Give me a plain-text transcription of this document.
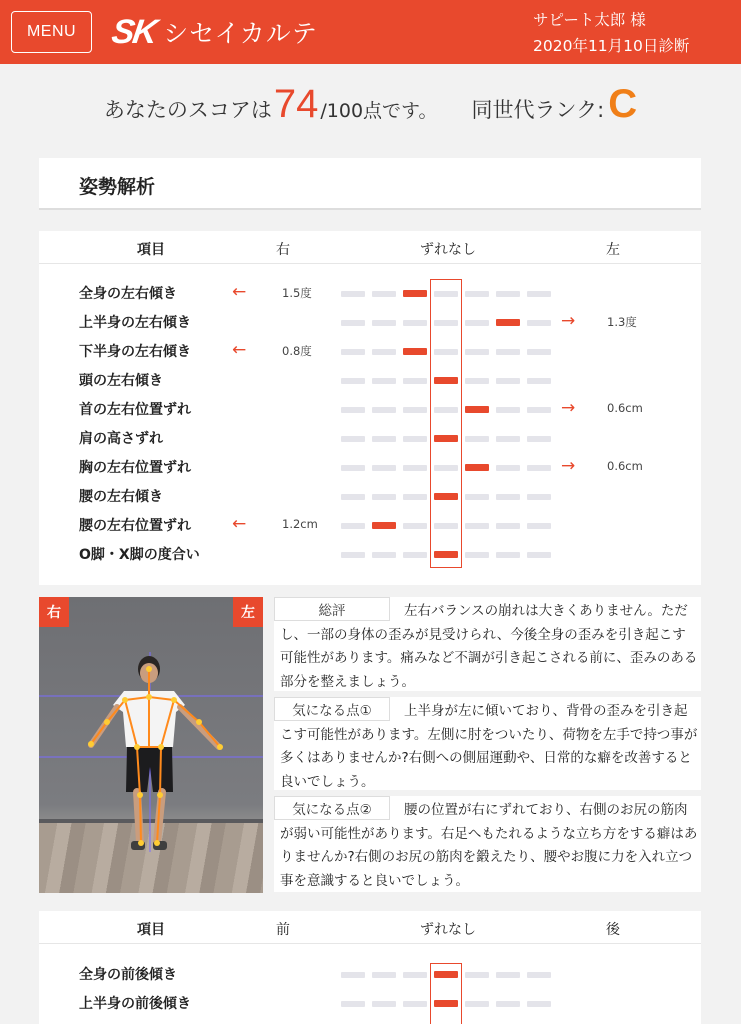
MENU SK シセイカルテ	サピート太郎 様
2020年11月10日診断
あなたのスコアは 74 /100点です。 同世代ランク: C
姿勢解析
項目	右	ずれなし	左
全身の左右傾き	←	1.5度
上半身の左右傾き	→	1.3度
下半身の左右傾き ←	0.8度
頭の左右傾き
首の左右位置ずれ	→	0.6cm
肩の高さずれ
胸の左右位置ずれ	→	0.6cm
腰の左右傾き
腰の左右位置ずれ ←	1.2cm
O脚・X脚の度合い
右	左	左右バランスの崩れは大きくありません。ただし、一部の身体の歪みが見受けられ、今後全身の歪みを引き起こす可能性があります。痛みなど不調が引き起こされる前に、歪みのある部分を整えましょう。
総評
上半身が左に傾いており、背骨の歪みを引き起こす可能性があります。左側に肘をついたり、荷物を左手で持つ事が多くはありませんか?右側への側屈運動や、日常的な癖を改善すると良いでしょう。
気になる点①
腰の位置が右にずれており、右側のお尻の筋肉が弱い可能性があります。右足へもたれるような立ち方をする癖はありませんか?右側のお尻の筋肉を鍛えたり、腰やお腹に力を入れ立つ事を意識すると良いでしょう。
気になる点②
項目	前	ずれなし	後
全身の前後傾き
上半身の前後傾き
